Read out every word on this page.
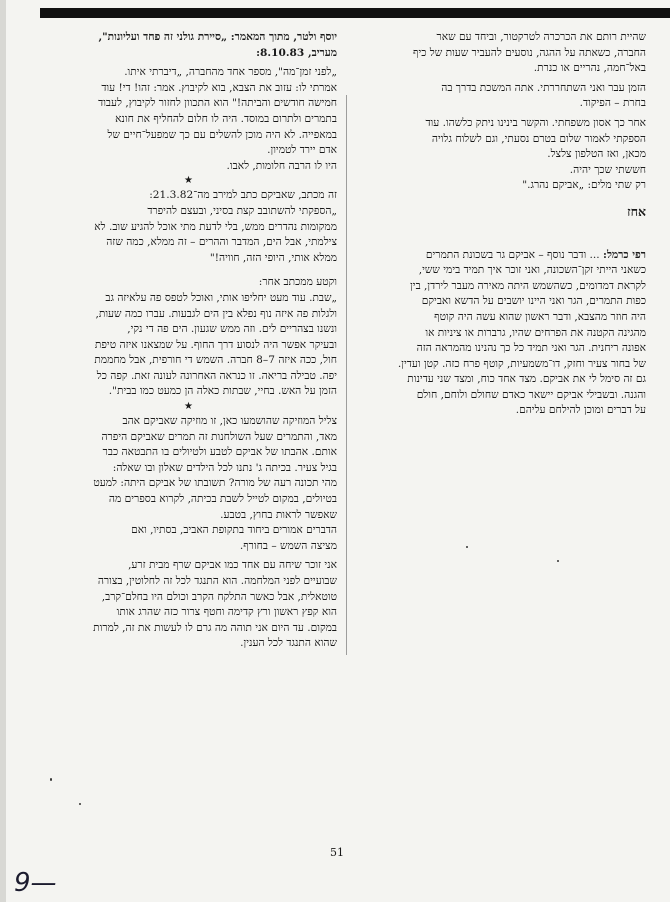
שהיית רותם את הכרכרה לטרקטור, וביחד עם שאר

החברה, כשאתה על ההגה, נוסעים להעביר שעות של כיף

באל־חמה, נהריים או כנרת.

הזמן עבר ואני השתחררתי. אתה המשכת בדרך בה

בחרת – הפיקוד.

אחר כך אסון משפחתי. והקשר בינינו ניתק כלשהו. עוד

הספקתי לאמור שלום בטרם נסעתי, וגם לשלוח גלויה

מכאן, ואז הטלפון צלצל.

חששתי שכך יהיה.

רק שתי מלים: „אביקם נהרג."

אחז

רפי כרמל: ... ודבר נוסף – אביקם גר בשכונת התמרים

כשאני הייתי זקן־השכונה, ואני זוכר איך תמיד בימי ששי,

לקראת דמדומים, כשהשמש היתה מאירה מעבר לירדן, בין

כפות התמרים, הגר ואני היינו יושבים על הדשא ואביקם

היה חוזר מהצבא, ודבר ראשון שהוא עשה היה קוטף

מהגינה הקטנה את הפרחים שהיו, גרברות או ציניות או

אפונה ריחנית. הגר ואני תמיד כל כך נהנינו מהמראה הזה

של בחור צעיר וחזק, דו־משמעיות, קוטף פרח כזה. קטן ועדין.

גם זה סימל לי את אביקם. מצד אחד כוח, ומצד שני עדינות

והגנה. ובשבילי אביקם יישאר כאדם שחולם ולוחם, חולם

על דברים ומוכן להילחם עליהם.

יוסף ולטר, מתוך המאמר: „סיירת גולני זה פחד ועליונות",

מעריב, 8.10.83:

„לפני זמן־מה", מספר אחד מהחברה, „דיברתי איתו.

אמרתי לו: עזוב את הצבא, בוא לקיבוץ. אמר: זהו! די! עוד

חמישה חודשים והביתה!" הוא התכוון לחזור לקיבוץ, לעבוד

בתמרים ולתרום במוסד. היה לו חלום להחליף את חונא

במאפייה. לא היה מוכן להשלים עם כך שמפעל־חיים של

אדם יירד לטמיון.

היו לו הרבה חלומות, לאבו.

★

זה מכתב, שאביקם כתב למירב מה־21.3.82:

„הספקתי להשתובב קצת בסיני, ובעצם להיפרד

ממקומות נהדרים ממש, בלי לדעת מתי אוכל להגיע שוב. לא

צילמתי, אבל הים, המדבר וההרים – זה ממלא, כמה שזה

ממלא אותי, היופי הזה, חוויה!"

וקטע ממכתב אחר:

„שבת. עוד מעט יחליפו אותי, ואוכל לטפס פה עלאיזה גב

ולגלות פה איזה נוף נפלא בין הים לגבעות. עברו כמה שעות,

ונשנו בצהריים לים. וזה ממש שגעון. הים פה די נקי,

ובעיקר אפשר היה לנסוע דרך החוף. על שמצאנו איזה טיפת

חול, ככה איזה 7–8 חברה. השמש די חורפית, אבל מחממת

יפה. טבילה בריאה. זו כנראה האחרונה לעונה זאת. קפה כל

הזמן על האש. בחיי, שבתות כאלה הן כמעט כמו בבית".

★

צליל המוזיקה שהושמעו כאן, זו מוזיקה שאביקם אהב

מאד, והתמרים שעל השולחנות זה תמרים שאביקם היפרה

אותם. אהבתו של אביקם לטבע ולטיולים בו התבטאה כבר

בגיל צעיר. בכיתה ג' נתנו לכל הילדים שאלון ובו שאלה:

מהי תכונה רעה של מורה? תשובתו של אביקם היתה: למעט

בטיולים, במקום לטייל לשבת בכיתה, לקרוא בספרים מה

שאפשר לראות בחוץ, בטבע.

הדברים אמורים ביחוד בתקופת האביב, בסתיו, ואם

מציצה השמש – בחורף.

אני זוכר שיחה עם אחד כמו אביקם שרף מבית זרע,

שבועיים לפני המלחמה. הוא התנגד לכל זה לחלוטין, בצורה

טוטאלית, אבל כאשר התלקח הקרב וכולם היו בחלם־קרב,

הוא קפץ ראשון ורץ קדימה וחטף צרור כזה שהרג אותו

במקום. עד היום אני תוהה מה גרם לו לעשות את זה, למרות

שהוא התנגד לכל הענין.

51
9—
